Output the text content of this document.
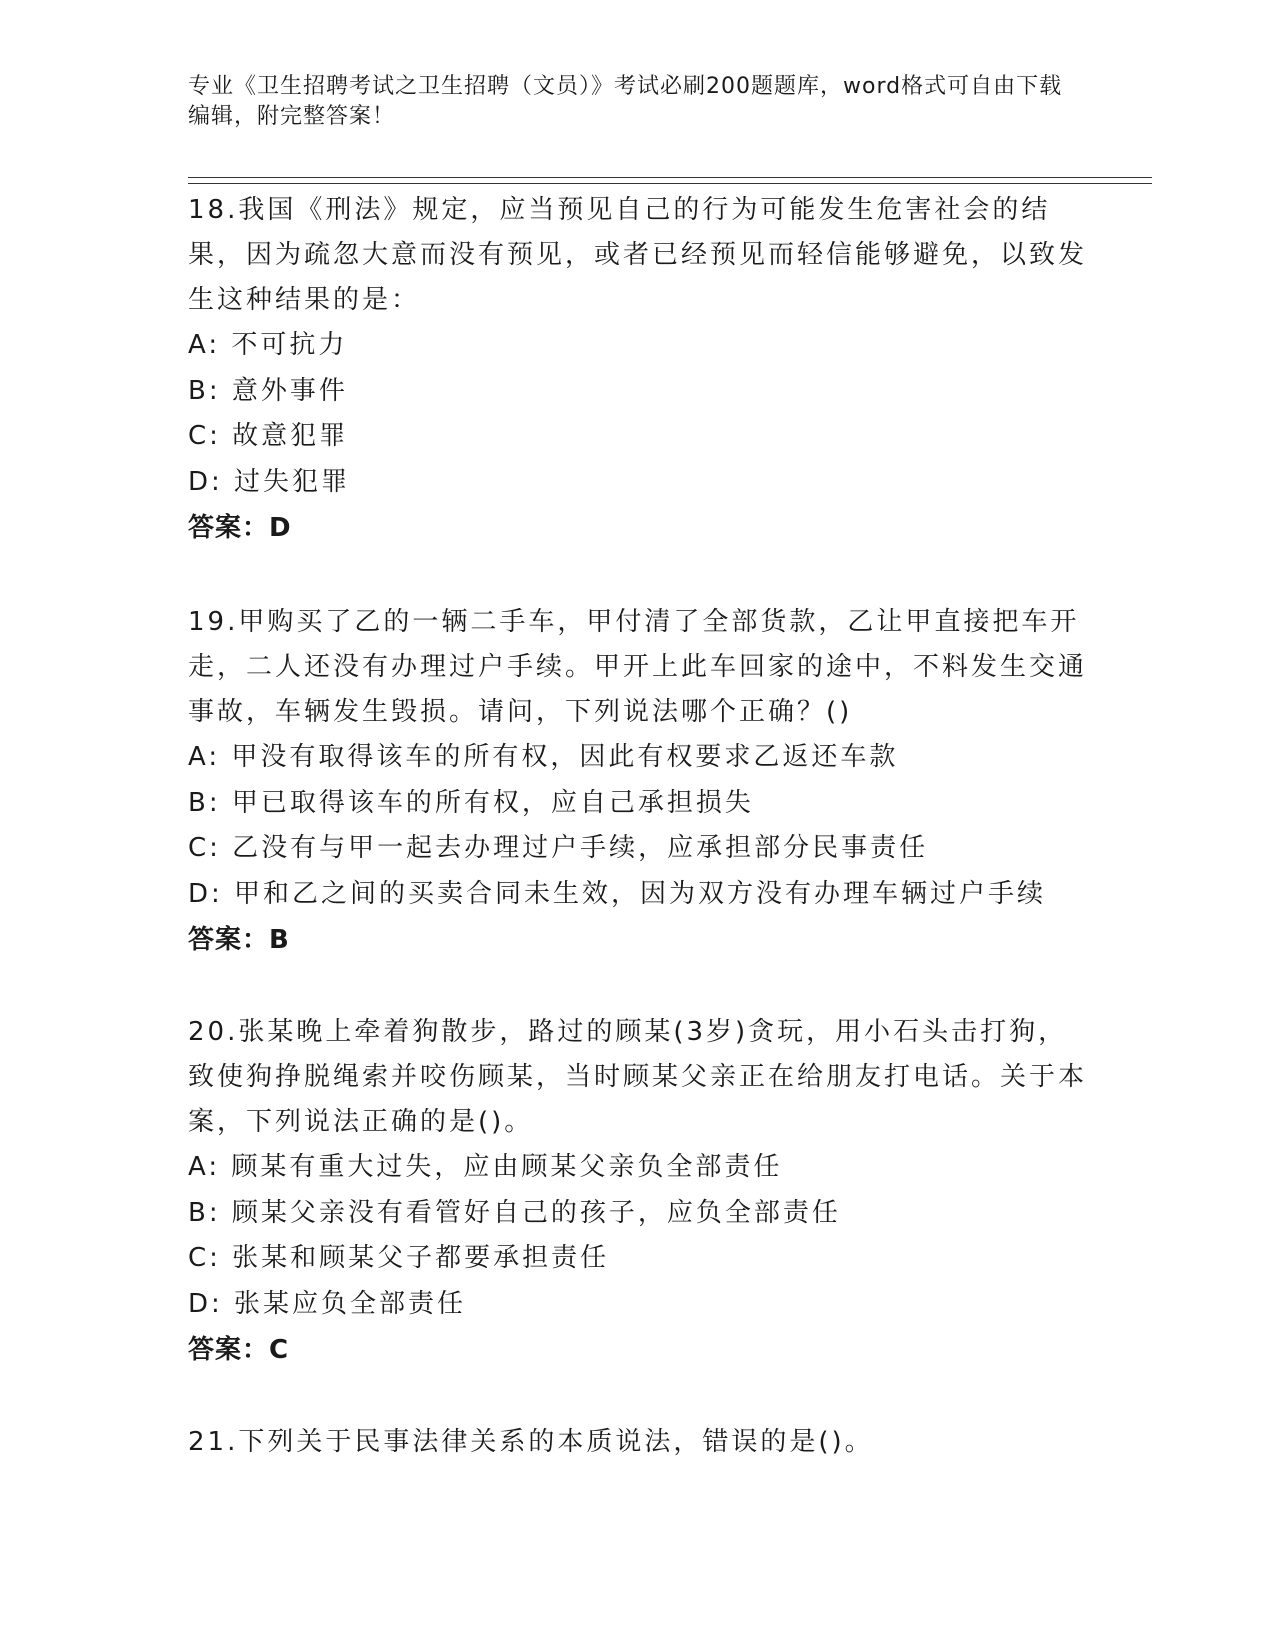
专业《卫生招聘考试之卫生招聘（文员）》考试必刷200题题库，word格式可自由下载编辑，附完整答案！

18.我国《刑法》规定，应当预见自己的行为可能发生危害社会的结果，因为疏忽大意而没有预见，或者已经预见而轻信能够避免，以致发生这种结果的是：

A: 不可抗力

B: 意外事件

C: 故意犯罪

D: 过失犯罪

答案：D

19.甲购买了乙的一辆二手车，甲付清了全部货款，乙让甲直接把车开走，二人还没有办理过户手续。甲开上此车回家的途中，不料发生交通事故，车辆发生毁损。请问，下列说法哪个正确？()

A: 甲没有取得该车的所有权，因此有权要求乙返还车款

B: 甲已取得该车的所有权，应自己承担损失

C: 乙没有与甲一起去办理过户手续，应承担部分民事责任

D: 甲和乙之间的买卖合同未生效，因为双方没有办理车辆过户手续

答案：B

20.张某晚上牵着狗散步，路过的顾某(3岁)贪玩，用小石头击打狗，致使狗挣脱绳索并咬伤顾某，当时顾某父亲正在给朋友打电话。关于本案，下列说法正确的是()。

A: 顾某有重大过失，应由顾某父亲负全部责任

B: 顾某父亲没有看管好自己的孩子，应负全部责任

C: 张某和顾某父子都要承担责任

D: 张某应负全部责任

答案：C

21.下列关于民事法律关系的本质说法，错误的是()。
